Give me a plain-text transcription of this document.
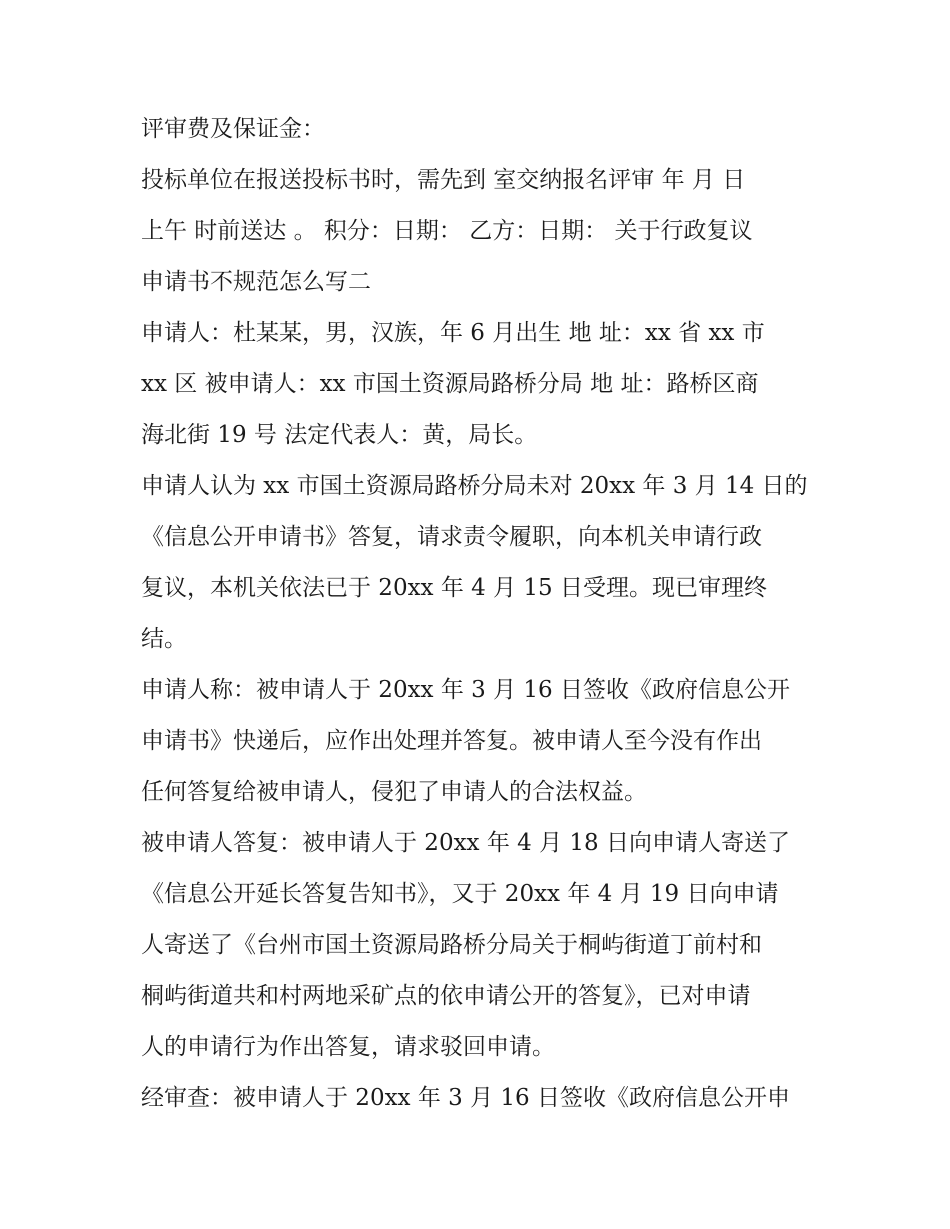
评审费及保证金：
投标单位在报送投标书时，需先到 室交纳报名评审 年 月 日
上午 时前送达 。 积分：日期： 乙方：日期： 关于行政复议
申请书不规范怎么写二
申请人：杜某某，男，汉族，年 6 月出生 地 址：xx 省 xx 市
xx 区 被申请人：xx 市国土资源局路桥分局 地 址：路桥区商
海北街 19 号 法定代表人：黄，局长。
申请人认为 xx 市国土资源局路桥分局未对 20xx 年 3 月 14 日的
《信息公开申请书》答复，请求责令履职，向本机关申请行政
复议，本机关依法已于 20xx 年 4 月 15 日受理。现已审理终
结。
申请人称：被申请人于 20xx 年 3 月 16 日签收《政府信息公开
申请书》快递后，应作出处理并答复。被申请人至今没有作出
任何答复给被申请人，侵犯了申请人的合法权益。
被申请人答复：被申请人于 20xx 年 4 月 18 日向申请人寄送了
《信息公开延长答复告知书》，又于 20xx 年 4 月 19 日向申请
人寄送了《台州市国土资源局路桥分局关于桐屿街道丁前村和
桐屿街道共和村两地采矿点的依申请公开的答复》，已对申请
人的申请行为作出答复，请求驳回申请。
经审查：被申请人于 20xx 年 3 月 16 日签收《政府信息公开申
